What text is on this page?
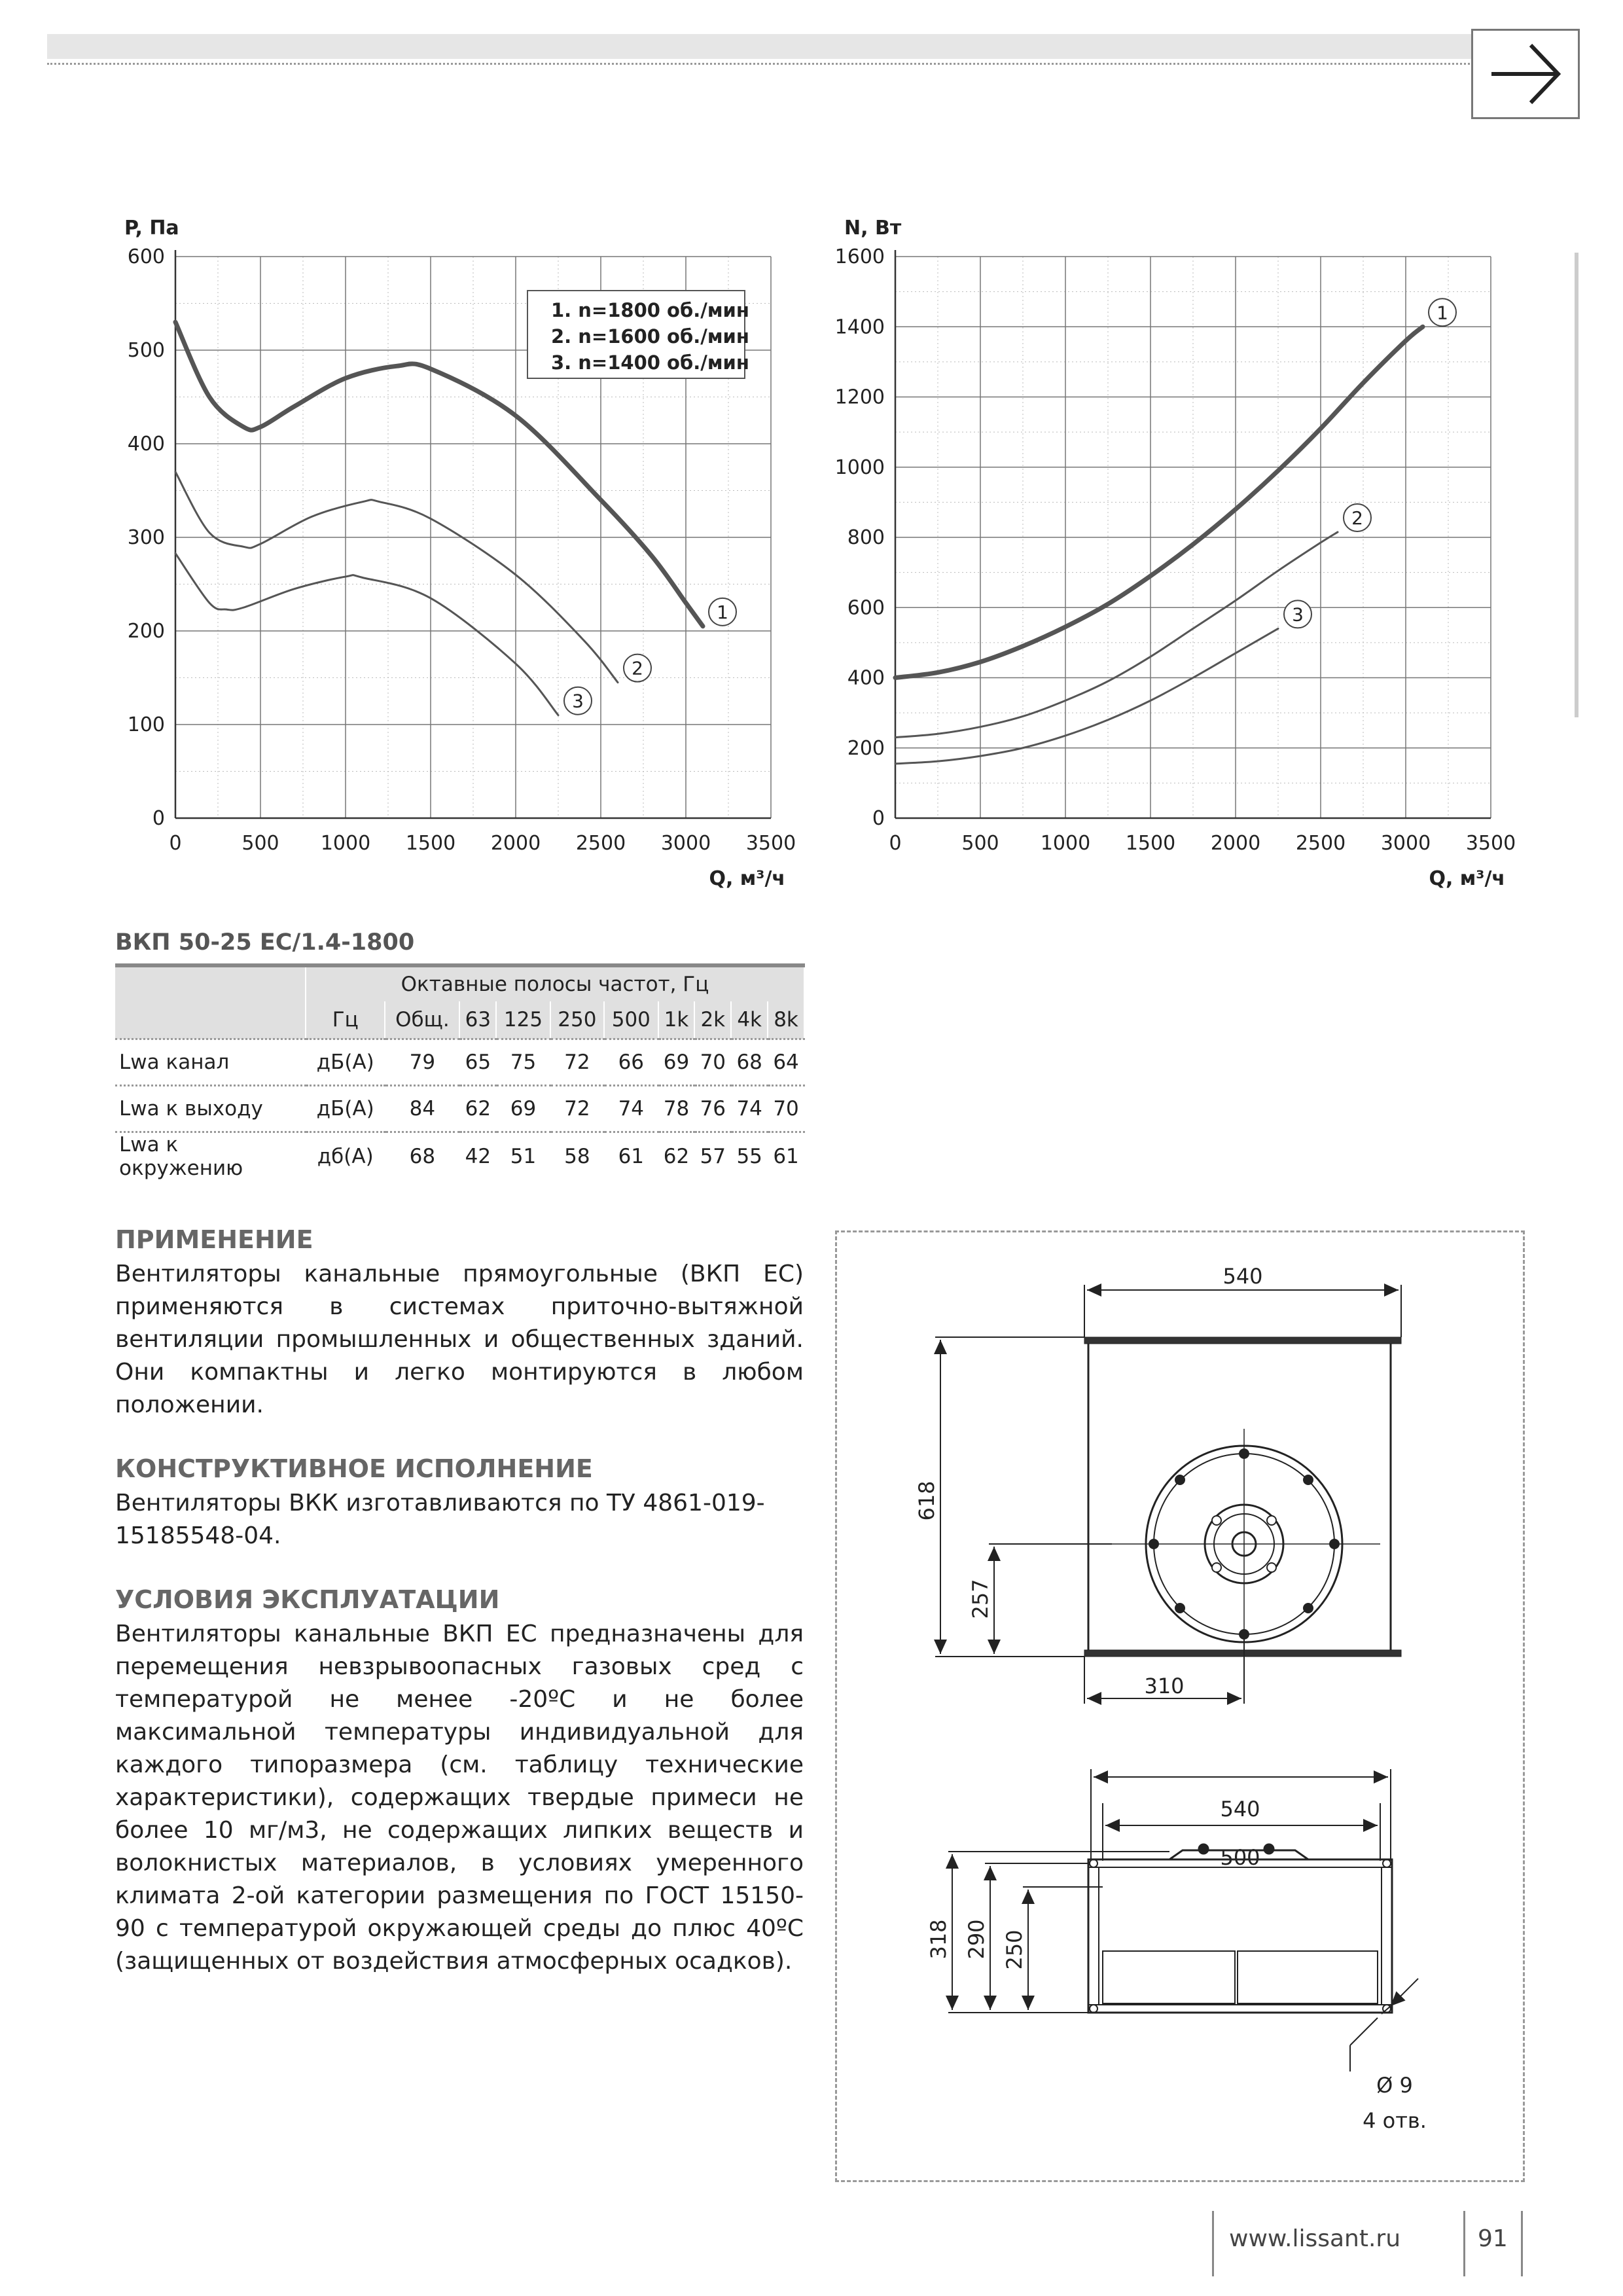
0	500 1000 1500 2000 2500 3000 3500
0
100
200
300
400
500
600
P, Па
Q, м³/ч
1
2
3
1. n=1800 об./мин
2. n=1600 об./мин
3. n=1400 об./мин
0	500 1000 1500 2000 2500 3000 3500
0
200
400
600
800
1000
1200
1400
1600
N, Вт
Q, м³/ч
1
2
3
ВКП 50-25 ЕС/1.4-1800
	Октавные полосы частот, Гц									
	Гц	Общ.	63	125	250	500	1k	2k	4k	8k
Lwa канал	дБ(А)	79	65	75	72	66	69	70	68	64
Lwa к выходу	дБ(А)	84	62	69	72	74	78	76	74	70
Lwa к окружению	дб(А)	68	42	51	58	61	62	57	55	61
ПРИМЕНЕНИЕ
Вентиляторы канальные прямоугольные (ВКП ЕС) применяются в системах приточно-вытяжной вентиляции промышленных и общественных зданий. Они компактны и легко монтируются в любом положении.
КОНСТРУКТИВНОЕ ИСПОЛНЕНИЕ
Вентиляторы ВКК изготавливаются по ТУ 4861-019-15185548-04.
УСЛОВИЯ ЭКСПЛУАТАЦИИ
Вентиляторы канальные ВКП ЕС предназначены для перемещения невзрывоопасных газовых сред с температурой не менее -20ºС и не более максимальной температуры индивидуальной для каждого типоразмера (см. таблицу технические характеристики), содержащих твердые примеси не более 10 мг/м3, не содержащих липких веществ и волокнистых материалов, в условиях умеренного климата 2-ой категории размещения по ГОСТ 15150-90 с температурой окружающей среды до плюс 40ºС (защищенных от воздействия атмосферных осадков).
540
618
257
310
540
500
318 290 250
Ø 9
4 отв.
www.lissant.ru	91
